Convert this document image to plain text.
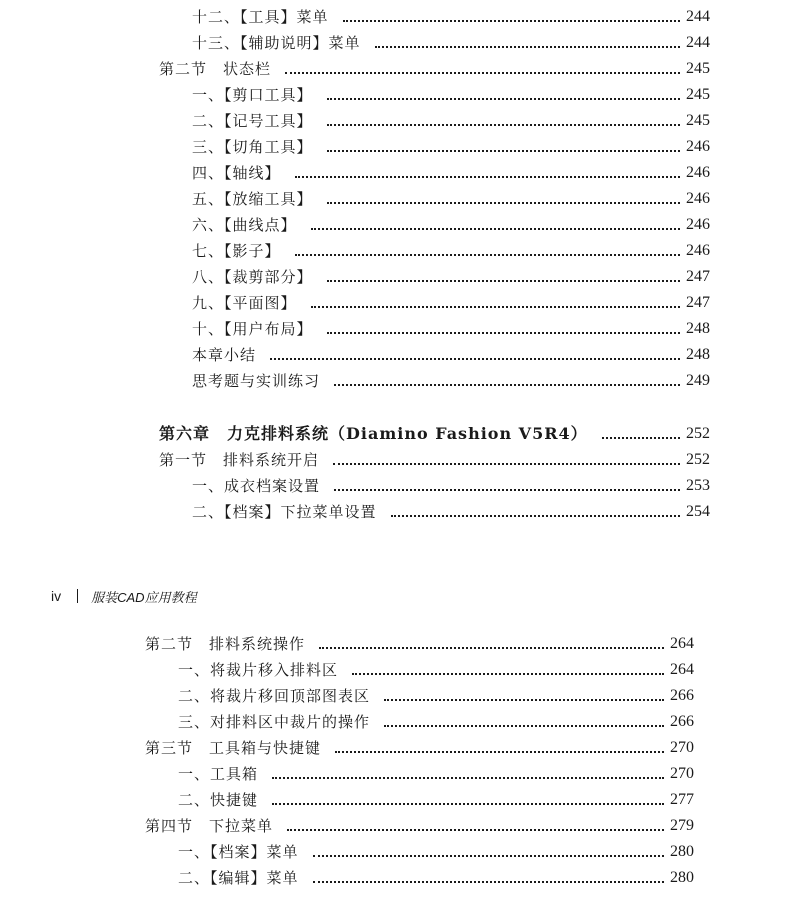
十二、【工具】菜单	244
十三、【辅助说明】菜单	244
第二节　状态栏	245
一、【剪口工具】	245
二、【记号工具】	245
三、【切角工具】	246
四、【轴线】	246
五、【放缩工具】	246
六、【曲线点】	246
七、【影子】	246
八、【裁剪部分】	247
九、【平面图】	247
十、【用户布局】	248
本章小结	248
思考题与实训练习	249
第六章　力克排料系统（Diamino Fashion V5R4）	252
第一节　排料系统开启	252
一、成衣档案设置	253
二、【档案】下拉菜单设置	254
iv 服装CAD应用教程
第二节　排料系统操作	264
一、将裁片移入排料区	264
二、将裁片移回顶部图表区	266
三、对排料区中裁片的操作	266
第三节　工具箱与快捷键	270
一、工具箱	270
二、快捷键	277
第四节　下拉菜单	279
一、【档案】菜单	280
二、【编辑】菜单	280
